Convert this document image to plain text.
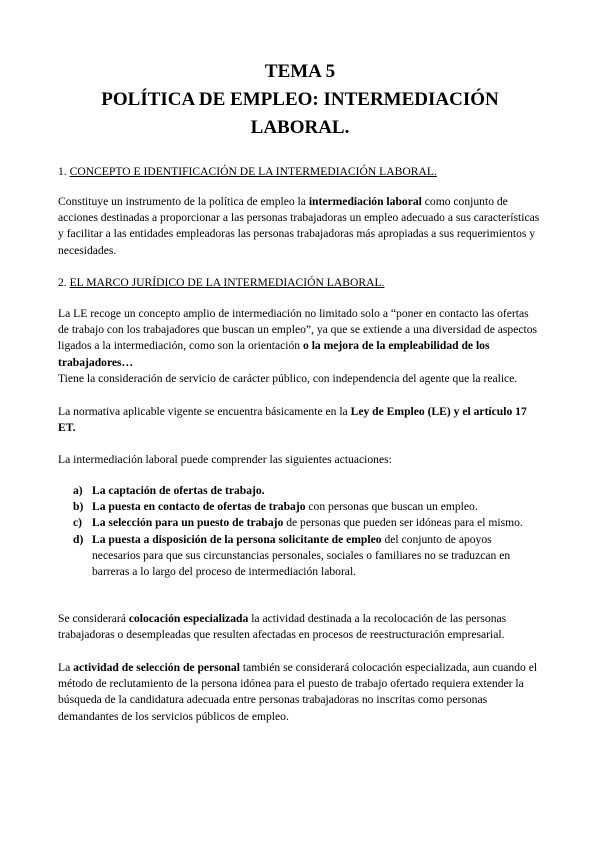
TEMA 5

POLÍTICA DE EMPLEO: INTERMEDIACIÓN

LABORAL.

1. CONCEPTO E IDENTIFICACIÓN DE LA INTERMEDIACIÓN LABORAL.

Constituye un instrumento de la política de empleo la intermediación laboral como conjunto de acciones destinadas a proporcionar a las personas trabajadoras un empleo adecuado a sus características y facilitar a las entidades empleadoras las personas trabajadoras más apropiadas a sus requerimientos y necesidades.

2. EL MARCO JURÍDICO DE LA INTERMEDIACIÓN LABORAL.

La LE recoge un concepto amplio de intermediación no limitado solo a “poner en contacto las ofertas de trabajo con los trabajadores que buscan un empleo”, ya que se extiende a una diversidad de aspectos ligados a la intermediación, como son la orientación o la mejora de la empleabilidad de los trabajadores…
Tiene la consideración de servicio de carácter público, con independencia del agente que la realice.

La normativa aplicable vigente se encuentra básicamente en la Ley de Empleo (LE) y el artículo 17 ET.

La intermediación laboral puede comprender las siguientes actuaciones:

a) La captación de ofertas de trabajo.
b) La puesta en contacto de ofertas de trabajo con personas que buscan un empleo.
c) La selección para un puesto de trabajo de personas que pueden ser idóneas para el mismo.
d) La puesta a disposición de la persona solicitante de empleo del conjunto de apoyos necesarios para que sus circunstancias personales, sociales o familiares no se traduzcan en barreras a lo largo del proceso de intermediación laboral.

Se considerará colocación especializada la actividad destinada a la recolocación de las personas trabajadoras o desempleadas que resulten afectadas en procesos de reestructuración empresarial.

La actividad de selección de personal también se considerará colocación especializada, aun cuando el método de reclutamiento de la persona idónea para el puesto de trabajo ofertado requiera extender la búsqueda de la candidatura adecuada entre personas trabajadoras no inscritas como personas demandantes de los servicios públicos de empleo.
